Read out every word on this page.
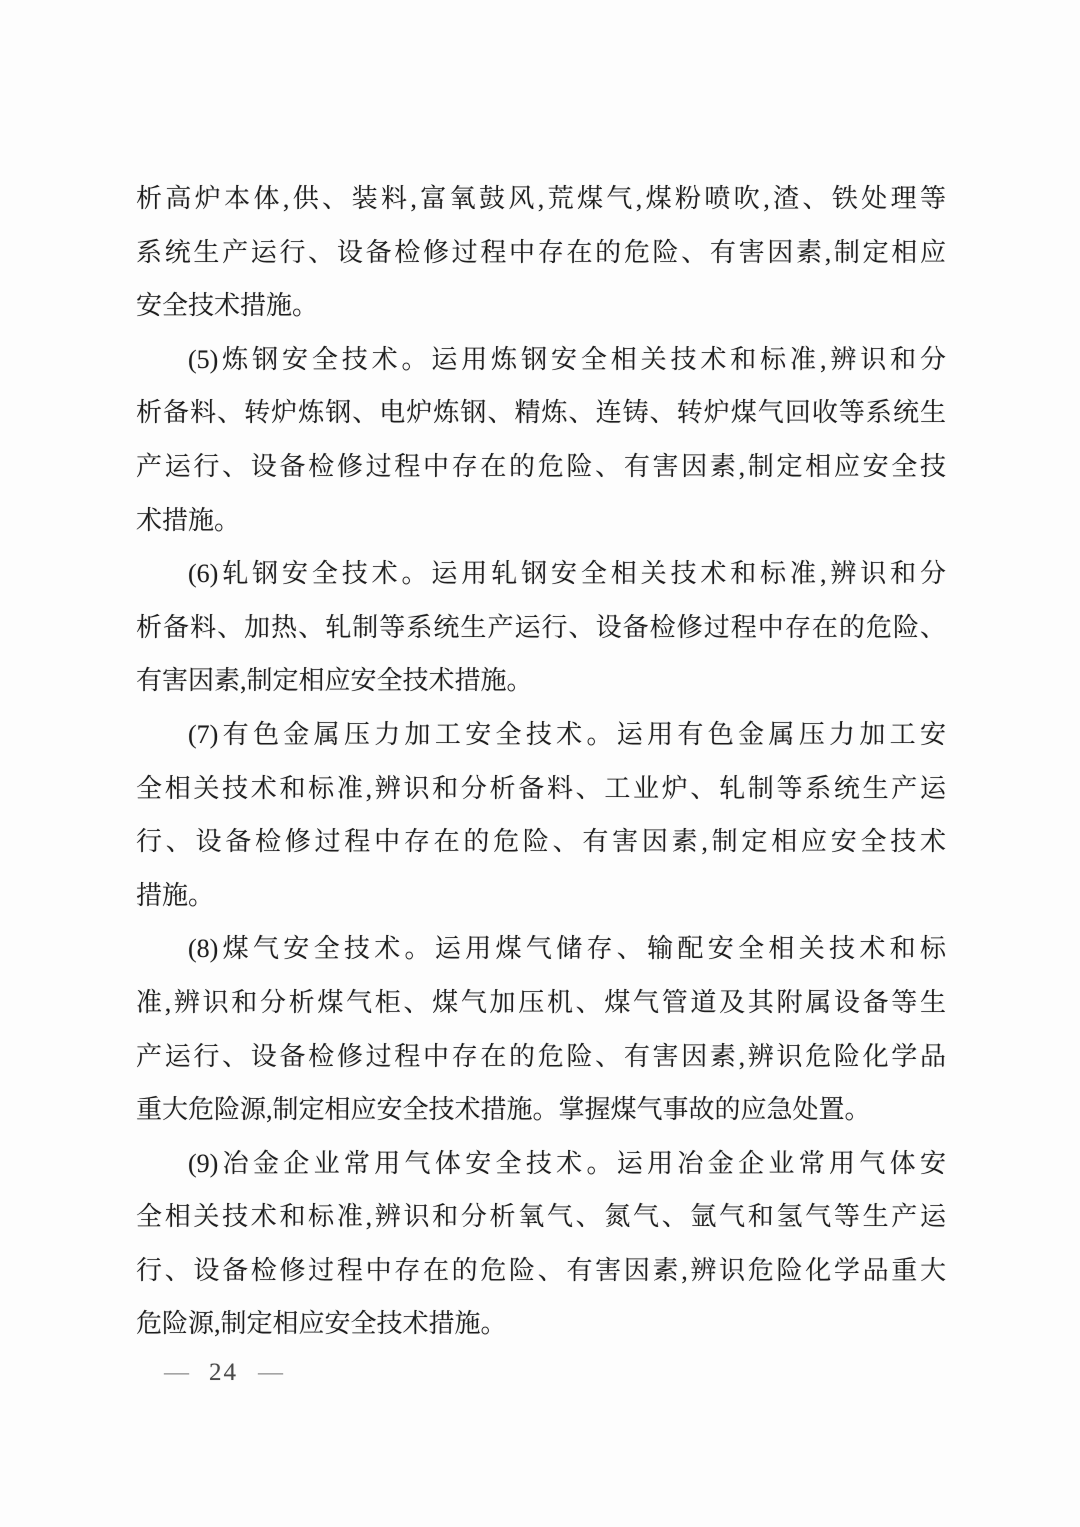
析高炉本体,供、装料,富氧鼓风,荒煤气,煤粉喷吹,渣、铁处理等
系统生产运行、设备检修过程中存在的危险、有害因素,制定相应
安全技术措施。
(5)炼钢安全技术。运用炼钢安全相关技术和标准,辨识和分
析备料、转炉炼钢、电炉炼钢、精炼、连铸、转炉煤气回收等系统生
产运行、设备检修过程中存在的危险、有害因素,制定相应安全技
术措施。
(6)轧钢安全技术。运用轧钢安全相关技术和标准,辨识和分
析备料、加热、轧制等系统生产运行、设备检修过程中存在的危险、
有害因素,制定相应安全技术措施。
(7)有色金属压力加工安全技术。运用有色金属压力加工安
全相关技术和标准,辨识和分析备料、工业炉、轧制等系统生产运
行、设备检修过程中存在的危险、有害因素,制定相应安全技术
措施。
(8)煤气安全技术。运用煤气储存、输配安全相关技术和标
准,辨识和分析煤气柜、煤气加压机、煤气管道及其附属设备等生
产运行、设备检修过程中存在的危险、有害因素,辨识危险化学品
重大危险源,制定相应安全技术措施。掌握煤气事故的应急处置。
(9)冶金企业常用气体安全技术。运用冶金企业常用气体安
全相关技术和标准,辨识和分析氧气、氮气、氩气和氢气等生产运
行、设备检修过程中存在的危险、有害因素,辨识危险化学品重大
危险源,制定相应安全技术措施。
— 24 —
